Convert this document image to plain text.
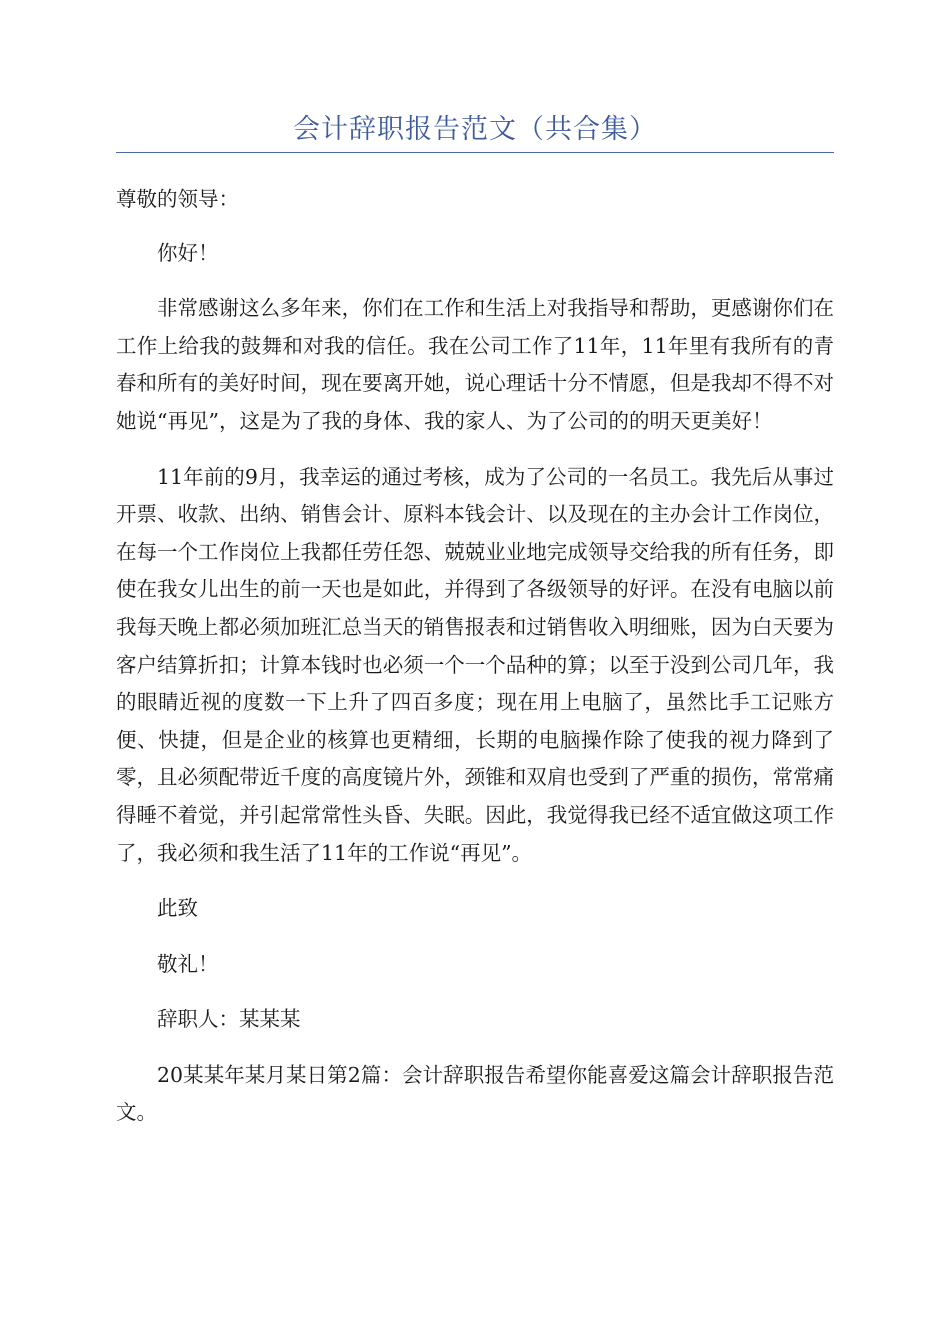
会计辞职报告范文（共合集）

尊敬的领导：

你好！

非常感谢这么多年来，你们在工作和生活上对我指导和帮助，更感谢你们在工作上给我的鼓舞和对我的信任。我在公司工作了11年，11年里有我所有的青春和所有的美好时间，现在要离开她，说心理话十分不情愿，但是我却不得不对她说“再见”，这是为了我的身体、我的家人、为了公司的的明天更美好！

11年前的9月，我幸运的通过考核，成为了公司的一名员工。我先后从事过开票、收款、出纳、销售会计、原料本钱会计、以及现在的主办会计工作岗位，在每一个工作岗位上我都任劳任怨、兢兢业业地完成领导交给我的所有任务，即使在我女儿出生的前一天也是如此，并得到了各级领导的好评。在没有电脑以前我每天晚上都必须加班汇总当天的销售报表和过销售收入明细账，因为白天要为客户结算折扣；计算本钱时也必须一个一个品种的算；以至于没到公司几年，我的眼睛近视的度数一下上升了四百多度；现在用上电脑了，虽然比手工记账方便、快捷，但是企业的核算也更精细，长期的电脑操作除了使我的视力降到了零，且必须配带近千度的高度镜片外，颈锥和双肩也受到了严重的损伤，常常痛得睡不着觉，并引起常常性头昏、失眠。因此，我觉得我已经不适宜做这项工作了，我必须和我生活了11年的工作说“再见”。

此致

敬礼！

辞职人：某某某

20某某年某月某日第2篇：会计辞职报告希望你能喜爱这篇会计辞职报告范文。
